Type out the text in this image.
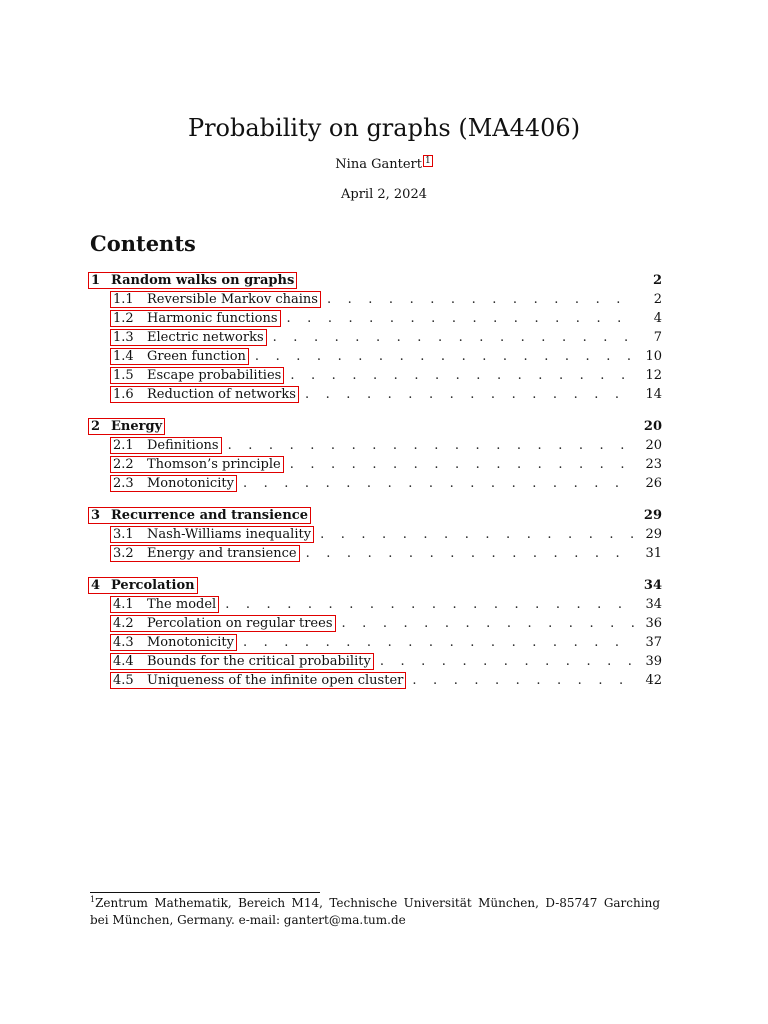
Probability on graphs (MA4406)
Nina Gantert 1
April 2, 2024
Contents
1 Random walks on graphs	2
1.1	Reversible Markov chains . . .	2
1.2	Harmonic functions . . .	4
1.3	Electric networks . . .	7
1.4	Green function . . .	10
1.5	Escape probabilities . . .	12
1.6	Reduction of networks . . .	14
2 Energy	20
2.1	Definitions . . .	20
2.2	Thomson’s principle . . .	23
2.3	Monotonicity . . .	26
3 Recurrence and transience	29
3.1	Nash-Williams inequality . . .	29
3.2	Energy and transience . . .	31
4 Percolation	34
4.1	The model . . .	34
4.2	Percolation on regular trees . . .	36
4.3	Monotonicity . . .	37
4.4	Bounds for the critical probability . . .	39
4.5	Uniqueness of the infinite open cluster . . .	42
$^1$Zentrum Mathematik, Bereich M14, Technische Universität München, D-85747 Garching bei München, Germany. e-mail: gantert@ma.tum.de
